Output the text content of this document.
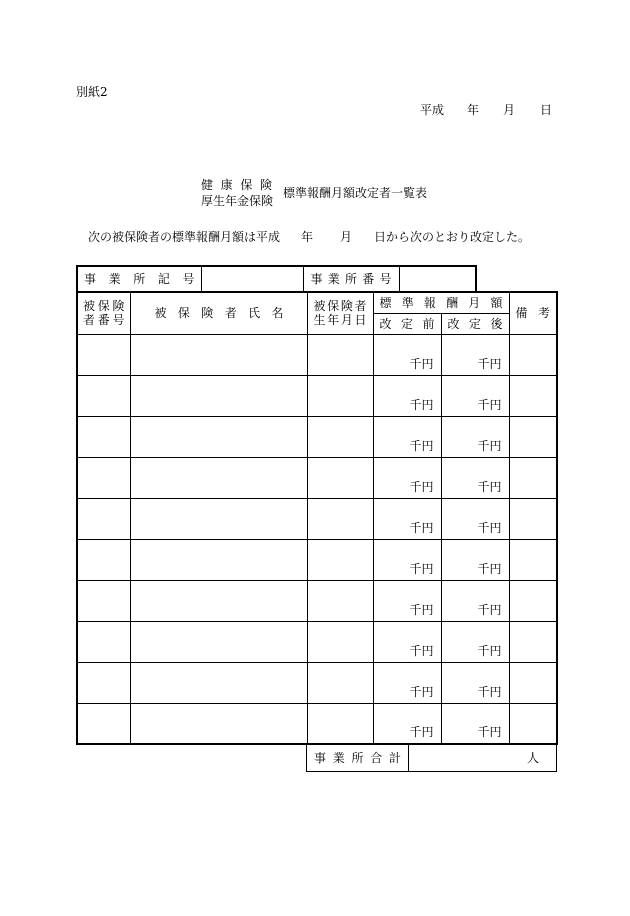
別紙2
平成 年 月 日
健康保険
厚生年金保険
標準報酬月額改定者一覧表
次の被保険者の標準報酬月額は平成 年 月 日から次のとおり改定した。
事業所記号		事業所番号

被保険
者番号	被保険者氏名	被保険者
生年月日	標準報酬月額		備考

			改定前	改定後	

			千円	千円	
			千円	千円	
			千円	千円	
			千円	千円	
			千円	千円	
			千円	千円	
			千円	千円	
			千円	千円	
			千円	千円	
			千円	千円	
事業所合計	人
